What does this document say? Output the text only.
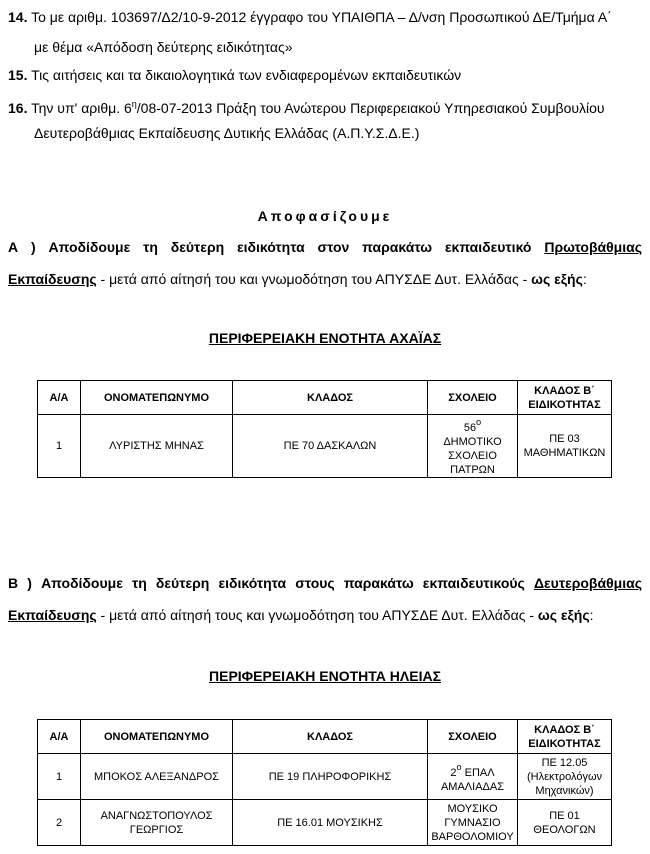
14. Το με αριθμ. 103697/Δ2/10-9-2012 έγγραφο του ΥΠΑΙΘΠΑ – Δ/νση Προσωπικού ΔΕ/Τμήμα Α΄
με θέμα «Απόδοση δεύτερης ειδικότητας»
15. Τις αιτήσεις και τα δικαιολογητικά των ενδιαφερομένων εκπαιδευτικών
16. Την υπ' αριθμ. $6^\eta/08-07-2013$ Πράξη του Ανώτερου Περιφερειακού Υπηρεσιακού Συμβουλίου
Δευτεροβάθμιας Εκπαίδευσης Δυτικής Ελλάδας (Α.Π.Υ.Σ.Δ.Ε.)
Αποφασίζουμε
Α ) Αποδίδουμε τη δεύτερη ειδικότητα στον παρακάτω εκπαιδευτικό Πρωτοβάθμιας
Εκπαίδευσης - μετά από αίτησή του και γνωμοδότηση του ΑΠΥΣΔΕ Δυτ. Ελλάδας - ως εξής:
ΠΕΡΙΦΕΡΕΙΑΚΗ ΕΝΟΤΗΤΑ ΑΧΑΪΑΣ
Α/Α	ΟΝΟΜΑΤΕΠΩΝΥΜΟ	ΚΛΑΔΟΣ	ΣΧΟΛΕΙΟ	ΚΛΑΔΟΣ Β΄
ΕΙΔΙΚΟΤΗΤΑΣ
1	ΛΥΡΙΣΤΗΣ ΜΗΝΑΣ	ΠΕ 70 ΔΑΣΚΑΛΩΝ	$56^o$
ΔΗΜΟΤΙΚΟ
ΣΧΟΛΕΙΟ
ΠΑΤΡΩΝ	ΠΕ 03
ΜΑΘΗΜΑΤΙΚΩΝ
Β ) Αποδίδουμε τη δεύτερη ειδικότητα στους παρακάτω εκπαιδευτικούς Δευτεροβάθμιας
Εκπαίδευσης - μετά από αίτησή τους και γνωμοδότηση του ΑΠΥΣΔΕ Δυτ. Ελλάδας - ως εξής:
ΠΕΡΙΦΕΡΕΙΑΚΗ ΕΝΟΤΗΤΑ ΗΛΕΙΑΣ
Α/Α	ΟΝΟΜΑΤΕΠΩΝΥΜΟ	ΚΛΑΔΟΣ	ΣΧΟΛΕΙΟ	ΚΛΑΔΟΣ Β΄
ΕΙΔΙΚΟΤΗΤΑΣ
1	ΜΠΟΚΟΣ ΑΛΕΞΑΝΔΡΟΣ	ΠΕ 19 ΠΛΗΡΟΦΟΡΙΚΗΣ	$2^o$ ΕΠΑΛ
ΑΜΑΛΙΑΔΑΣ	ΠΕ 12.05
(Ηλεκτρολόγων
Μηχανικών)
2	ΑΝΑΓΝΩΣΤΟΠΟΥΛΟΣ
ΓΕΩΡΓΙΟΣ	ΠΕ 16.01 ΜΟΥΣΙΚΗΣ	ΜΟΥΣΙΚΟ
ΓΥΜΝΑΣΙΟ
ΒΑΡΘΟΛΟΜΙΟΥ	ΠΕ 01 ΘΕΟΛΟΓΩΝ
